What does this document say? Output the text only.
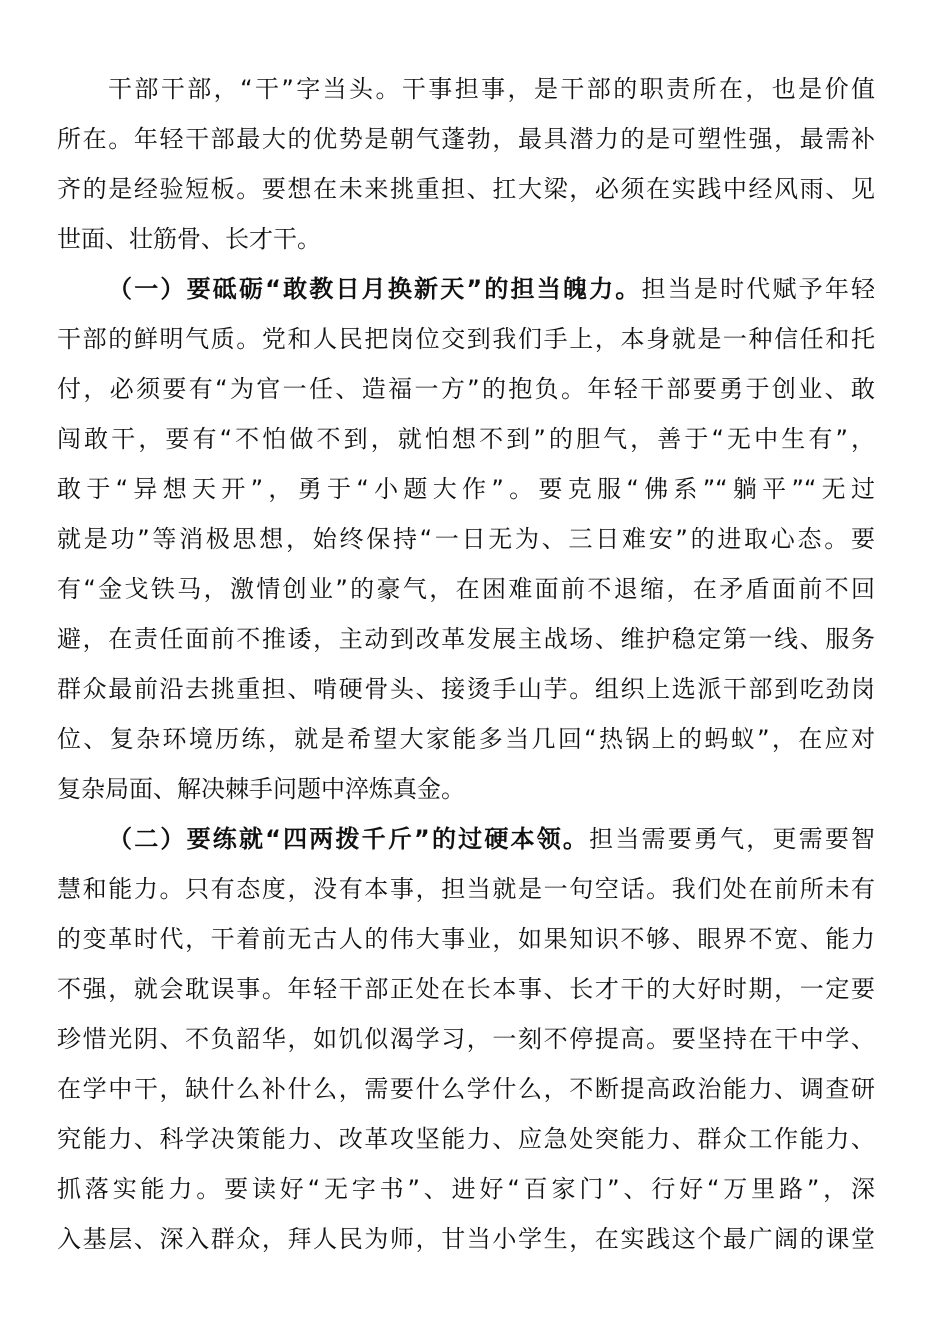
干部干部，“干”字当头。干事担事，是干部的职责所在，也是价值
所在。年轻干部最大的优势是朝气蓬勃，最具潜力的是可塑性强，最需补
齐的是经验短板。要想在未来挑重担、扛大梁，必须在实践中经风雨、见
世面、壮筋骨、长才干。
（一）要砥砺“敢教日月换新天”的担当魄力。担当是时代赋予年轻
干部的鲜明气质。党和人民把岗位交到我们手上，本身就是一种信任和托
付，必须要有“为官一任、造福一方”的抱负。年轻干部要勇于创业、敢
闯敢干，要有“不怕做不到，就怕想不到”的胆气，善于“无中生有”，
敢于“异想天开”，勇于“小题大作”。要克服“佛系”“躺平”“无过
就是功”等消极思想，始终保持“一日无为、三日难安”的进取心态。要
有“金戈铁马，激情创业”的豪气，在困难面前不退缩，在矛盾面前不回
避，在责任面前不推诿，主动到改革发展主战场、维护稳定第一线、服务
群众最前沿去挑重担、啃硬骨头、接烫手山芋。组织上选派干部到吃劲岗
位、复杂环境历练，就是希望大家能多当几回“热锅上的蚂蚁”，在应对
复杂局面、解决棘手问题中淬炼真金。
（二）要练就“四两拨千斤”的过硬本领。担当需要勇气，更需要智
慧和能力。只有态度，没有本事，担当就是一句空话。我们处在前所未有
的变革时代，干着前无古人的伟大事业，如果知识不够、眼界不宽、能力
不强，就会耽误事。年轻干部正处在长本事、长才干的大好时期，一定要
珍惜光阴、不负韶华，如饥似渴学习，一刻不停提高。要坚持在干中学、
在学中干，缺什么补什么，需要什么学什么，不断提高政治能力、调查研
究能力、科学决策能力、改革攻坚能力、应急处突能力、群众工作能力、
抓落实能力。要读好“无字书”、进好“百家门”、行好“万里路”，深
入基层、深入群众，拜人民为师，甘当小学生，在实践这个最广阔的课堂
